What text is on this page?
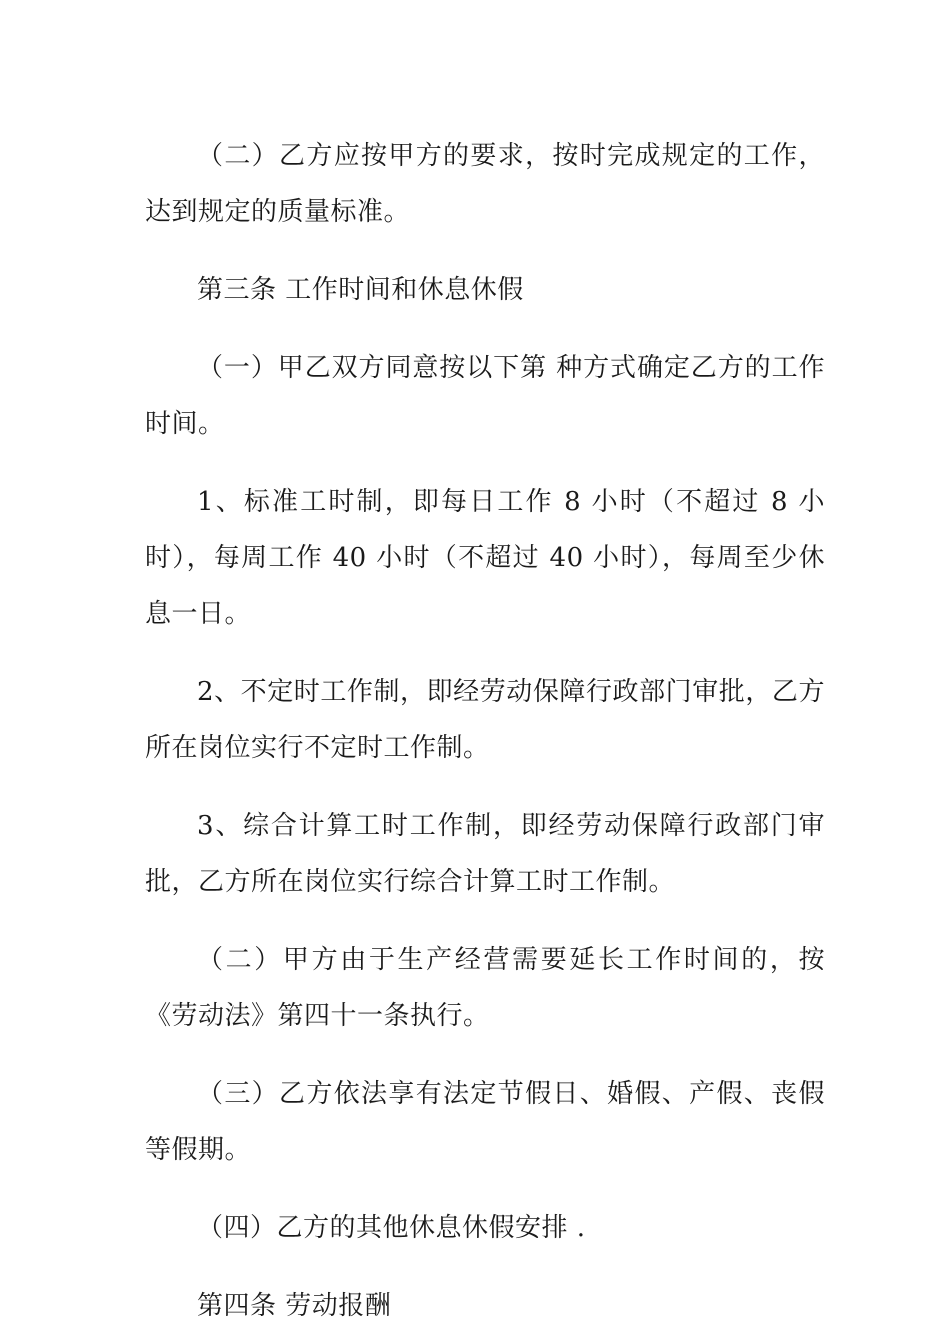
（二）乙方应按甲方的要求，按时完成规定的工作，达到规定的质量标准。

第三条 工作时间和休息休假

（一）甲乙双方同意按以下第 种方式确定乙方的工作时间。

1、标准工时制，即每日工作 8 小时（不超过 8 小时），每周工作 40 小时（不超过 40 小时），每周至少休息一日。

2、不定时工作制，即经劳动保障行政部门审批，乙方所在岗位实行不定时工作制。

3、综合计算工时工作制，即经劳动保障行政部门审批，乙方所在岗位实行综合计算工时工作制。

（二）甲方由于生产经营需要延长工作时间的，按《劳动法》第四十一条执行。

（三）乙方依法享有法定节假日、婚假、产假、丧假等假期。

（四）乙方的其他休息休假安排 .

第四条 劳动报酬
